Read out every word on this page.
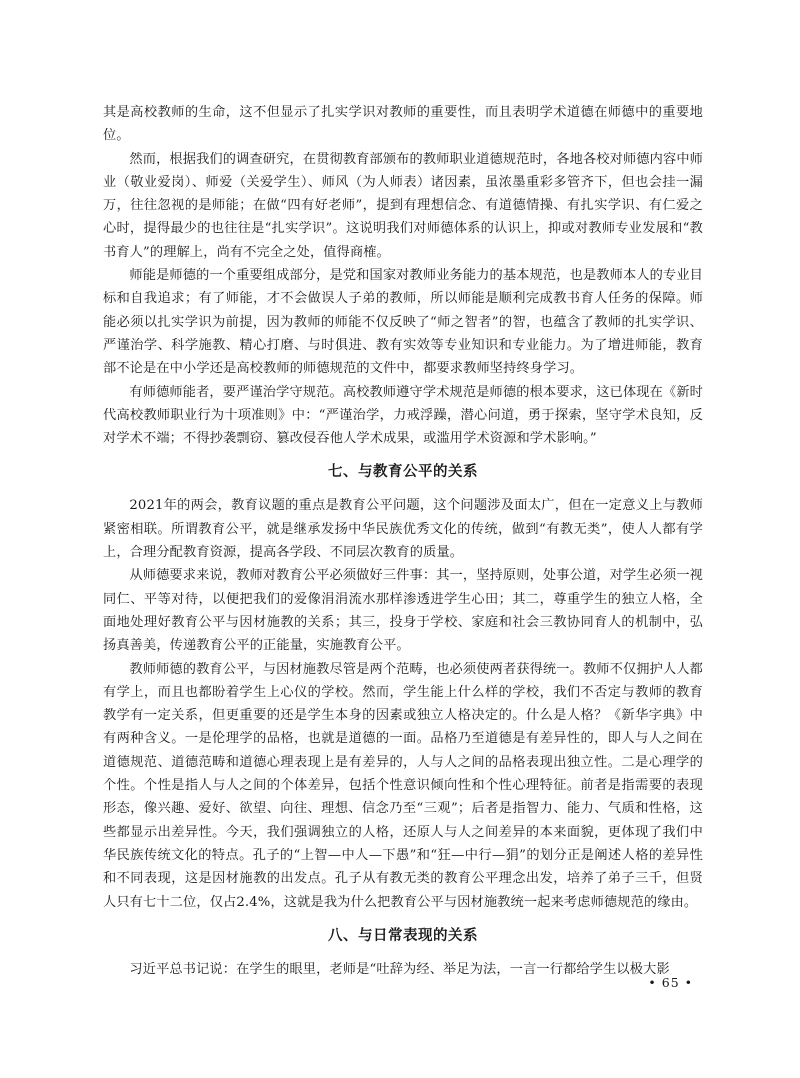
其是高校教师的生命，这不但显示了扎实学识对教师的重要性，而且表明学术道德在师德中的重要地位。

然而，根据我们的调查研究，在贯彻教育部颁布的教师职业道德规范时，各地各校对师德内容中师业（敬业爱岗）、师爱（关爱学生）、师风（为人师表）诸因素，虽浓墨重彩多管齐下，但也会挂一漏万，往往忽视的是师能；在做“四有好老师”，提到有理想信念、有道德情操、有扎实学识、有仁爱之心时，提得最少的也往往是“扎实学识”。这说明我们对师德体系的认识上，抑或对教师专业发展和“教书育人”的理解上，尚有不完全之处，值得商榷。

师能是师德的一个重要组成部分，是党和国家对教师业务能力的基本规范，也是教师本人的专业目标和自我追求；有了师能，才不会做误人子弟的教师，所以师能是顺利完成教书育人任务的保障。师能必须以扎实学识为前提，因为教师的师能不仅反映了“师之智者”的智，也蕴含了教师的扎实学识、严谨治学、科学施教、精心打磨、与时俱进、教有实效等专业知识和专业能力。为了增进师能，教育部不论是在中小学还是高校教师的师德规范的文件中，都要求教师坚持终身学习。

有师德师能者，要严谨治学守规范。高校教师遵守学术规范是师德的根本要求，这已体现在《新时代高校教师职业行为十项准则》中：“严谨治学，力戒浮躁，潜心问道，勇于探索，坚守学术良知，反对学术不端；不得抄袭剽窃、篡改侵吞他人学术成果，或滥用学术资源和学术影响。”

七、与教育公平的关系

2021年的两会，教育议题的重点是教育公平问题，这个问题涉及面太广，但在一定意义上与教师紧密相联。所谓教育公平，就是继承发扬中华民族优秀文化的传统，做到“有教无类”，使人人都有学上，合理分配教育资源，提高各学段、不同层次教育的质量。

从师德要求来说，教师对教育公平必须做好三件事：其一，坚持原则，处事公道，对学生必须一视同仁、平等对待，以便把我们的爱像涓涓流水那样渗透进学生心田；其二，尊重学生的独立人格，全面地处理好教育公平与因材施教的关系；其三，投身于学校、家庭和社会三教协同育人的机制中，弘扬真善美，传递教育公平的正能量，实施教育公平。

教师师德的教育公平，与因材施教尽管是两个范畴，也必须使两者获得统一。教师不仅拥护人人都有学上，而且也都盼着学生上心仪的学校。然而，学生能上什么样的学校，我们不否定与教师的教育教学有一定关系，但更重要的还是学生本身的因素或独立人格决定的。什么是人格？《新华字典》中有两种含义。一是伦理学的品格，也就是道德的一面。品格乃至道德是有差异性的，即人与人之间在道德规范、道德范畴和道德心理表现上是有差异的，人与人之间的品格表现出独立性。二是心理学的个性。个性是指人与人之间的个体差异，包括个性意识倾向性和个性心理特征。前者是指需要的表现形态，像兴趣、爱好、欲望、向往、理想、信念乃至“三观”；后者是指智力、能力、气质和性格，这些都显示出差异性。今天，我们强调独立的人格，还原人与人之间差异的本来面貌，更体现了我们中华民族传统文化的特点。孔子的“上智—中人—下愚”和“狂—中行—狷”的划分正是阐述人格的差异性和不同表现，这是因材施教的出发点。孔子从有教无类的教育公平理念出发，培养了弟子三千，但贤人只有七十二位，仅占2.4%，这就是我为什么把教育公平与因材施教统一起来考虑师德规范的缘由。

八、与日常表现的关系

习近平总书记说：在学生的眼里，老师是“吐辞为经、举足为法，一言一行都给学生以极大影

• 65 •
